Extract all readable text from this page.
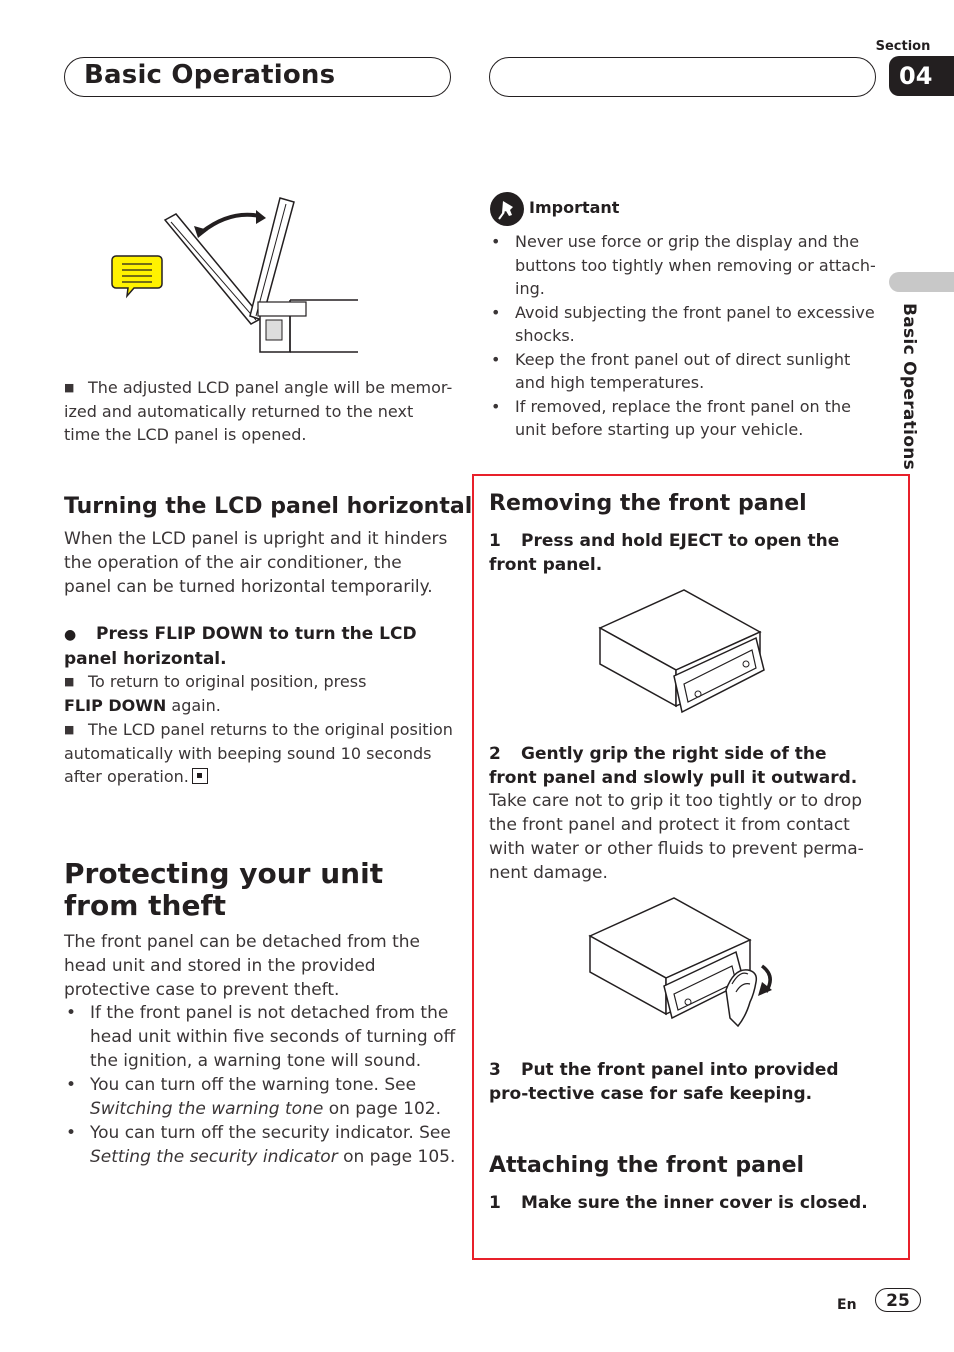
Basic Operations
Section
04
Basic Operations
■ The adjusted LCD panel angle will be memor-ized and automatically returned to the next time the LCD panel is opened.
Turning the LCD panel horizontal
When the LCD panel is upright and it hinders the operation of the air conditioner, the panel can be turned horizontal temporarily.
● Press FLIP DOWN to turn the LCD panel horizontal.
■ To return to original position, press
FLIP DOWN again.
■ The LCD panel returns to the original position automatically with beeping sound 10 seconds after operation.
Protecting your unit from theft
The front panel can be detached from the head unit and stored in the provided protective case to prevent theft.
• If the front panel is not detached from the head unit within five seconds of turning off the ignition, a warning tone will sound.
• You can turn off the warning tone. See
Switching the warning tone on page 102.
• You can turn off the security indicator. See
Setting the security indicator on page 105.
Important
• Never use force or grip the display and the buttons too tightly when removing or attach-ing.
• Avoid subjecting the front panel to excessive shocks.
• Keep the front panel out of direct sunlight and high temperatures.
• If removed, replace the front panel on the unit before starting up your vehicle.
Removing the front panel
1 Press and hold EJECT to open the front panel.
2 Gently grip the right side of the front panel and slowly pull it outward.
Take care not to grip it too tightly or to drop the front panel and protect it from contact with water or other fluids to prevent perma-nent damage.
3 Put the front panel into provided pro-tective case for safe keeping.
Attaching the front panel
1 Make sure the inner cover is closed.
En	25
